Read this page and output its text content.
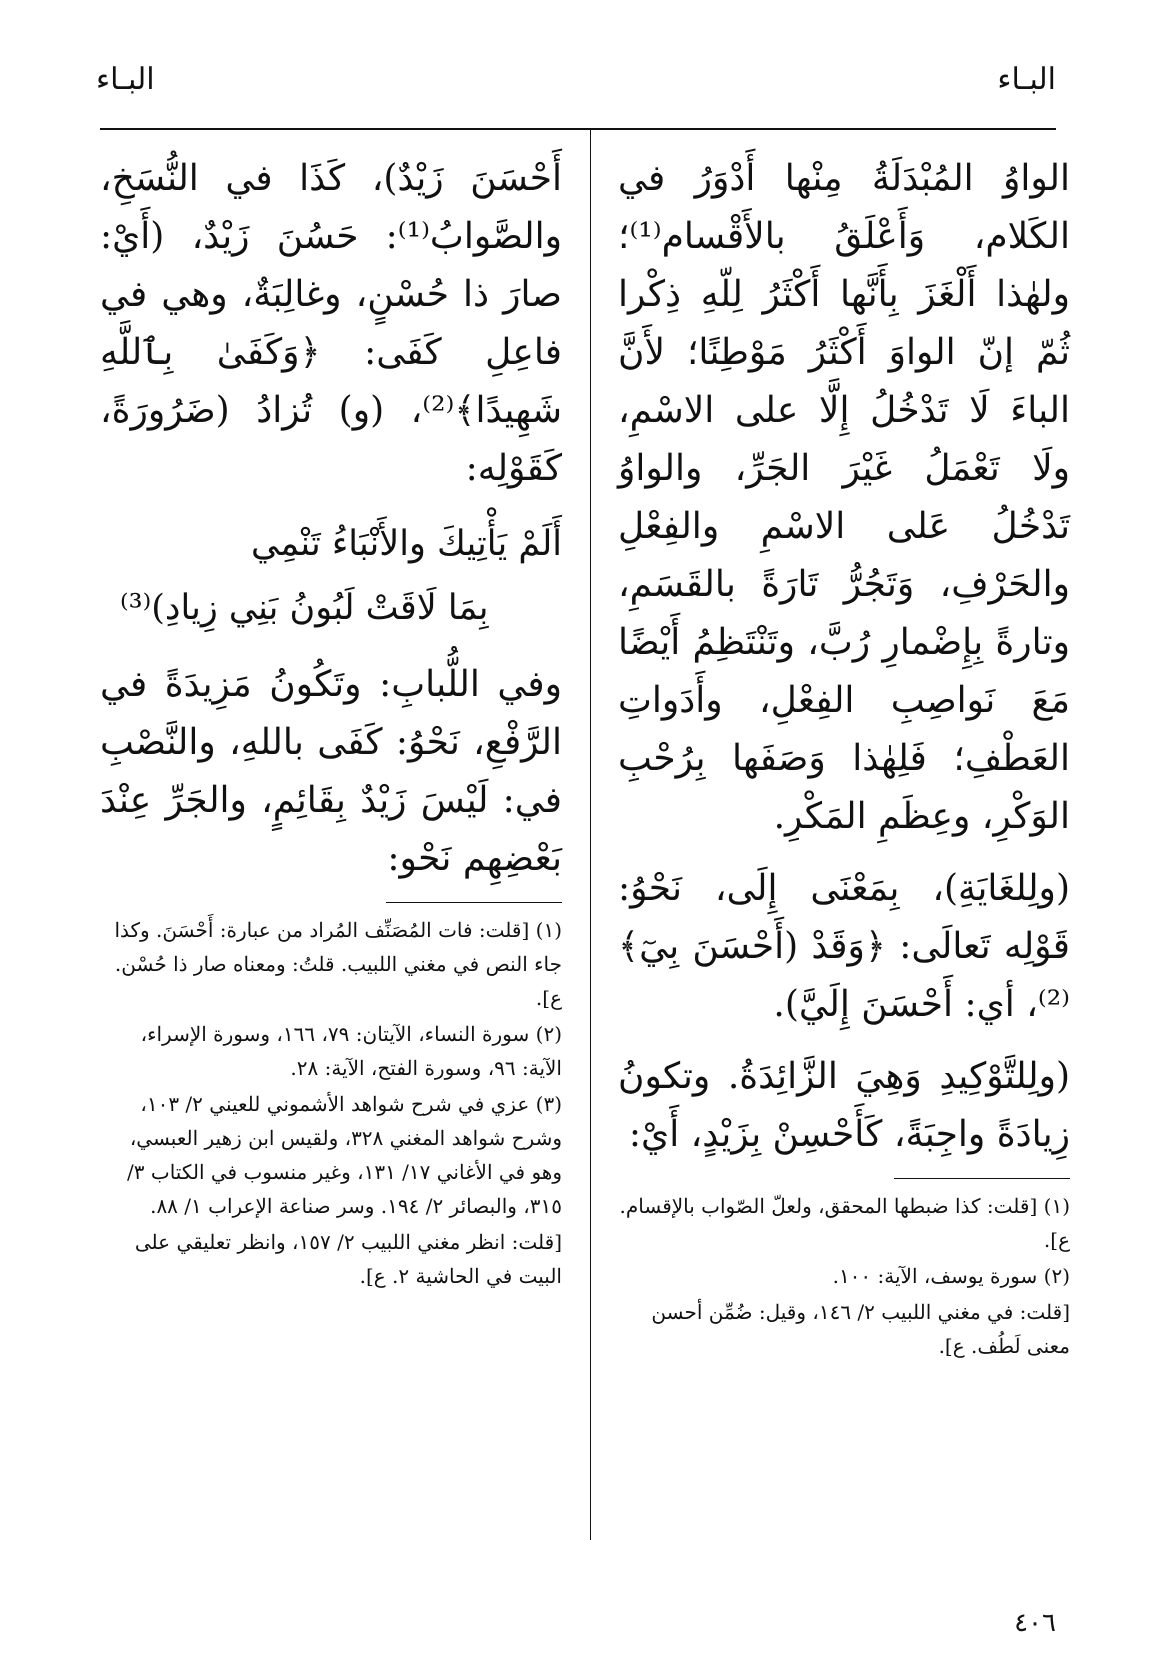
البـاء
البـاء

الواوُ المُبْدَلَةُ مِنْها أَدْوَرُ في الكَلام، وَأَعْلَقُ بالأَقْسام⁽¹⁾؛ ولهٰذا أَلْغَزَ بِأَنَّها أَكْثَرُ لِلّهِ ذِكْرا ثُمّ إنّ الواوَ أَكْثَرُ مَوْطِنًا؛ لأَنَّ الباءَ لَا تَدْخُلُ إِلَّا على الاسْمِ، ولَا تَعْمَلُ غَيْرَ الجَرِّ، والواوُ تَدْخُلُ عَلى الاسْمِ والفِعْلِ والحَرْفِ، وَتَجُرُّ تَارَةً بالقَسَمِ، وتارةً بِإِضْمارِ رُبَّ، وتَنْتَظِمُ أَيْضًا مَعَ نَواصِبِ الفِعْلِ، وأَدَواتِ العَطْفِ؛ فَلِهٰذا وَصَفَها بِرُحْبِ الوَكْرِ، وعِظَمِ المَكْرِ.

(ولِلغَايَةِ)، بِمَعْنَى إِلَى، نَحْوُ: قَوْلِه تَعالَى: ﴿وَقَدْ (أَحْسَنَ بِيٓ﴾⁽²⁾، أي: أَحْسَنَ إِلَيَّ).

(ولِلتَّوْكِيدِ وَهِيَ الزَّائِدَةُ. وتكونُ زِيادَةً واجِبَةً، كَأَحْسِنْ بِزَيْدٍ، أَيْ:

(١) [قلت: كذا ضبطها المحقق، ولعلّ الصّواب بالإقسام. ع].
(٢) سورة يوسف، الآية: ١٠٠.
[قلت: في مغني اللبيب ٢/ ١٤٦، وقيل: ضُمِّن أحسن معنى لَطُف. ع].

أَحْسَنَ زَيْدٌ)، كَذَا في النُّسَخِ، والصَّوابُ⁽¹⁾: حَسُنَ زَيْدٌ، (أَيْ: صارَ ذا حُسْنٍ، وغالِبَةٌ، وهي في فاعِلِ كَفَى: ﴿وَكَفَىٰ بِٱللَّهِ شَهِيدًا﴾⁽²⁾، (و) تُزادُ (ضَرُورَةً، كَقَوْلِه:

أَلَمْ يَأْتِيكَ والأَنْبَاءُ تَنْمِي
بِمَا لَاقَتْ لَبُونُ بَنِي زِيادِ)⁽³⁾

وفي اللُّبابِ: وتَكُونُ مَزِيدَةً في الرَّفْعِ، نَحْوُ: كَفَى باللهِ، والنَّصْبِ في: لَيْسَ زَيْدٌ بِقَائِمٍ، والجَرِّ عِنْدَ بَعْضِهِم نَحْو:

(١) [قلت: فات المُصَنِّف المُراد من عبارة: أَحْسَنَ. وكذا جاء النص في مغني اللبيب. قلتُ: ومعناه صار ذا حُسْن. ع].
(٢) سورة النساء، الآيتان: ٧٩، ١٦٦، وسورة الإسراء، الآية: ٩٦، وسورة الفتح، الآية: ٢٨.
(٣) عزي في شرح شواهد الأشموني للعيني ٢/ ١٠٣، وشرح شواهد المغني ٣٢٨، ولقيس ابن زهير العبسي، وهو في الأغاني ١٧/ ١٣١، وغير منسوب في الكتاب ٣/ ٣١٥، والبصائر ٢/ ١٩٤. وسر صناعة الإعراب ١/ ٨٨.
[قلت: انظر مغني اللبيب ٢/ ١٥٧، وانظر تعليقي على البيت في الحاشية ٢. ع].
٤٠٦
